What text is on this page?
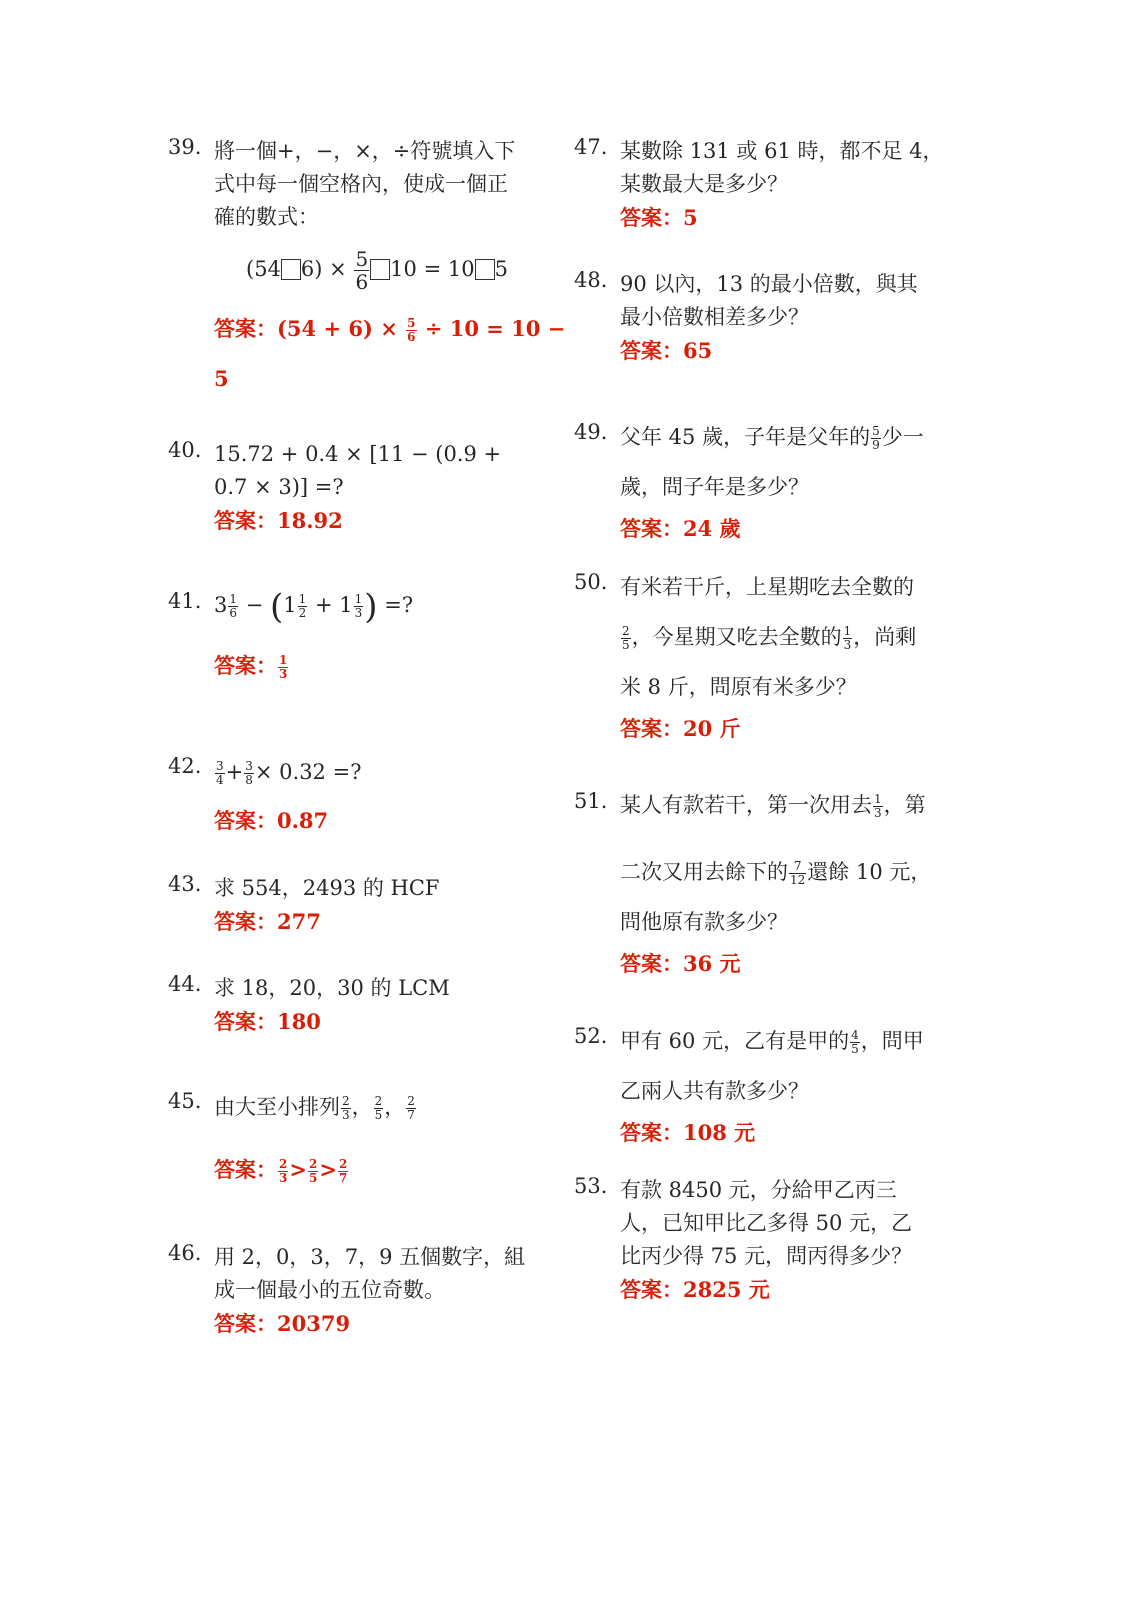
39. 將一個+，−，×，÷符號填入下
式中每一個空格內，使成一個正
確的數式：
(54 $6) \times \frac{5}{6} 10 = 10$ 5
答案：$(54 + 6) \times \frac{5}{6} \div 10 = 10$ −
5
40. 15.72 + 0.4 × [11 − (0.9 +
0.7 × 3)] =?
答案：18.92
41. $3 \frac{1}{6} - (1 \frac{1}{2} + 1 \frac{1}{3}$ ) =?
答案： $\frac{1}{3}$
42. $\frac{3}{4} + \frac{3}{8} \times 0.32$ =?
答案：0.87
43. 求 554，2493 的 HCF
答案：277
44. 求 18，20，30 的 LCM
答案：180
45. 由大至小排列 $\frac{2}{3}$ ， $\frac{2}{5}$ ， $\frac{2}{7}$
答案： $\frac{2}{3} > \frac{2}{5} > \frac{2}{7}$
46. 用 2，0，3，7，9 五個數字，組
成一個最小的五位奇數。
答案：20379
47. 某數除 131 或 61 時，都不足 4，
某數最大是多少？
答案：5
48. 90 以內，13 的最小倍數，與其
最小倍數相差多少？
答案：65
49. 父年 45 歲，子年是父年的 $\frac{5}{9}$ 少一
歲，問子年是多少？
答案：24 歲
50. 有米若干斤，上星期吃去全數的
$\frac{2}{5}$ ，今星期又吃去全數的 $\frac{1}{3}$ ，尚剩
米 8 斤，問原有米多少？
答案：20 斤
51. 某人有款若干，第一次用去 $\frac{1}{3}$ ，第
二次又用去餘下的 $\frac{7}{12}$ 還餘 10 元，
問他原有款多少？
答案：36 元
52. 甲有 60 元，乙有是甲的 $\frac{4}{5}$ ，問甲
乙兩人共有款多少？
答案：108 元
53. 有款 8450 元，分給甲乙丙三
人，已知甲比乙多得 50 元，乙
比丙少得 75 元，問丙得多少？
答案：2825 元
